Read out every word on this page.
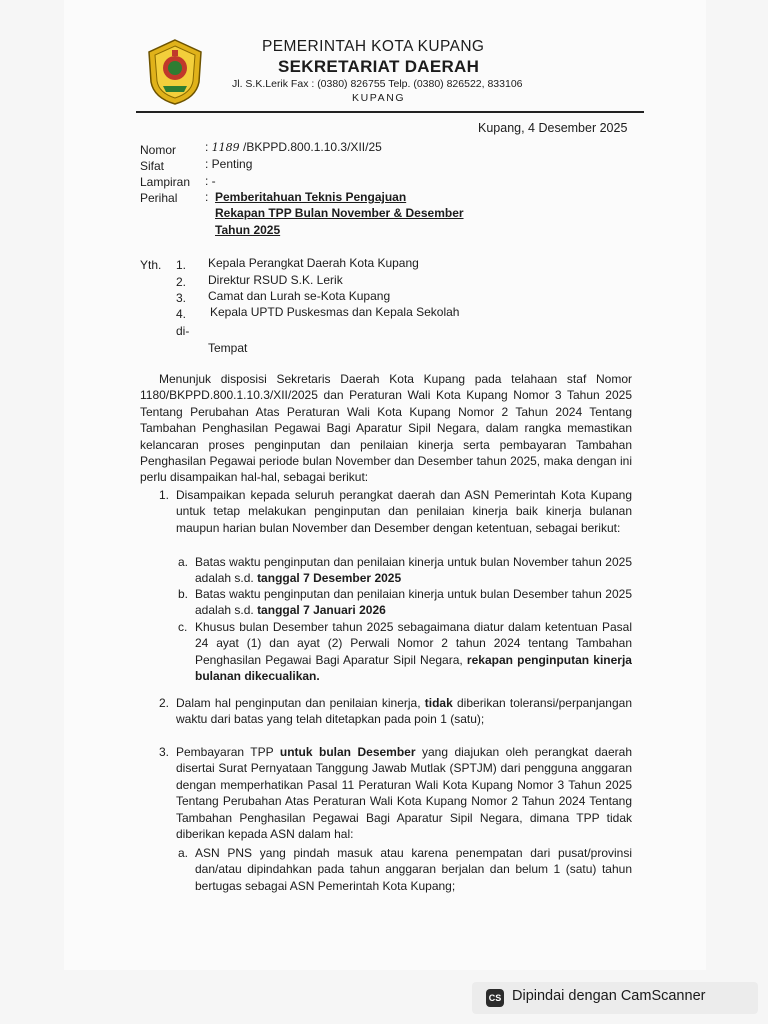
PEMERINTAH KOTA KUPANG
SEKRETARIAT DAERAH
Jl. S.K.Lerik Fax : (0380) 826755 Telp. (0380) 826522, 833106
KUPANG
Kupang, 4 Desember 2025
Nomor : 1189 /BKPPD.800.1.10.3/XII/25
Sifat	: Penting
Lampiran : -
Perihal : Pemberitahuan Teknis Pengajuan
Rekapan TPP Bulan November & Desember
Tahun 2025
Yth. 1. Kepala Perangkat Daerah Kota Kupang
2. Direktur RSUD S.K. Lerik
3. Camat dan Lurah se-Kota Kupang
4. Kepala UPTD Puskesmas dan Kepala Sekolah
di-
Tempat
Menunjuk disposisi Sekretaris Daerah Kota Kupang pada telahaan staf Nomor 1180/BKPPD.800.1.10.3/XII/2025 dan Peraturan Wali Kota Kupang Nomor 3 Tahun 2025 Tentang Perubahan Atas Peraturan Wali Kota Kupang Nomor 2 Tahun 2024 Tentang Tambahan Penghasilan Pegawai Bagi Aparatur Sipil Negara, dalam rangka memastikan kelancaran proses penginputan dan penilaian kinerja serta pembayaran Tambahan Penghasilan Pegawai periode bulan November dan Desember tahun 2025, maka dengan ini perlu disampaikan hal-hal, sebagai berikut:
1. Disampaikan kepada seluruh perangkat daerah dan ASN Pemerintah Kota Kupang untuk tetap melakukan penginputan dan penilaian kinerja baik kinerja bulanan maupun harian bulan November dan Desember dengan ketentuan, sebagai berikut:
a. Batas waktu penginputan dan penilaian kinerja untuk bulan November tahun 2025 adalah s.d. tanggal 7 Desember 2025
b. Batas waktu penginputan dan penilaian kinerja untuk bulan Desember tahun 2025 adalah s.d. tanggal 7 Januari 2026
c. Khusus bulan Desember tahun 2025 sebagaimana diatur dalam ketentuan Pasal 24 ayat (1) dan ayat (2) Perwali Nomor 2 tahun 2024 tentang Tambahan Penghasilan Pegawai Bagi Aparatur Sipil Negara, rekapan penginputan kinerja bulanan dikecualikan.
2. Dalam hal penginputan dan penilaian kinerja, tidak diberikan toleransi/perpanjangan waktu dari batas yang telah ditetapkan pada poin 1 (satu);
3. Pembayaran TPP untuk bulan Desember yang diajukan oleh perangkat daerah disertai Surat Pernyataan Tanggung Jawab Mutlak (SPTJM) dari pengguna anggaran dengan memperhatikan Pasal 11 Peraturan Wali Kota Kupang Nomor 3 Tahun 2025 Tentang Perubahan Atas Peraturan Wali Kota Kupang Nomor 2 Tahun 2024 Tentang Tambahan Penghasilan Pegawai Bagi Aparatur Sipil Negara, dimana TPP tidak diberikan kepada ASN dalam hal:
a. ASN PNS yang pindah masuk atau karena penempatan dari pusat/provinsi dan/atau dipindahkan pada tahun anggaran berjalan dan belum 1 (satu) tahun bertugas sebagai ASN Pemerintah Kota Kupang;
CS Dipindai dengan CamScanner
